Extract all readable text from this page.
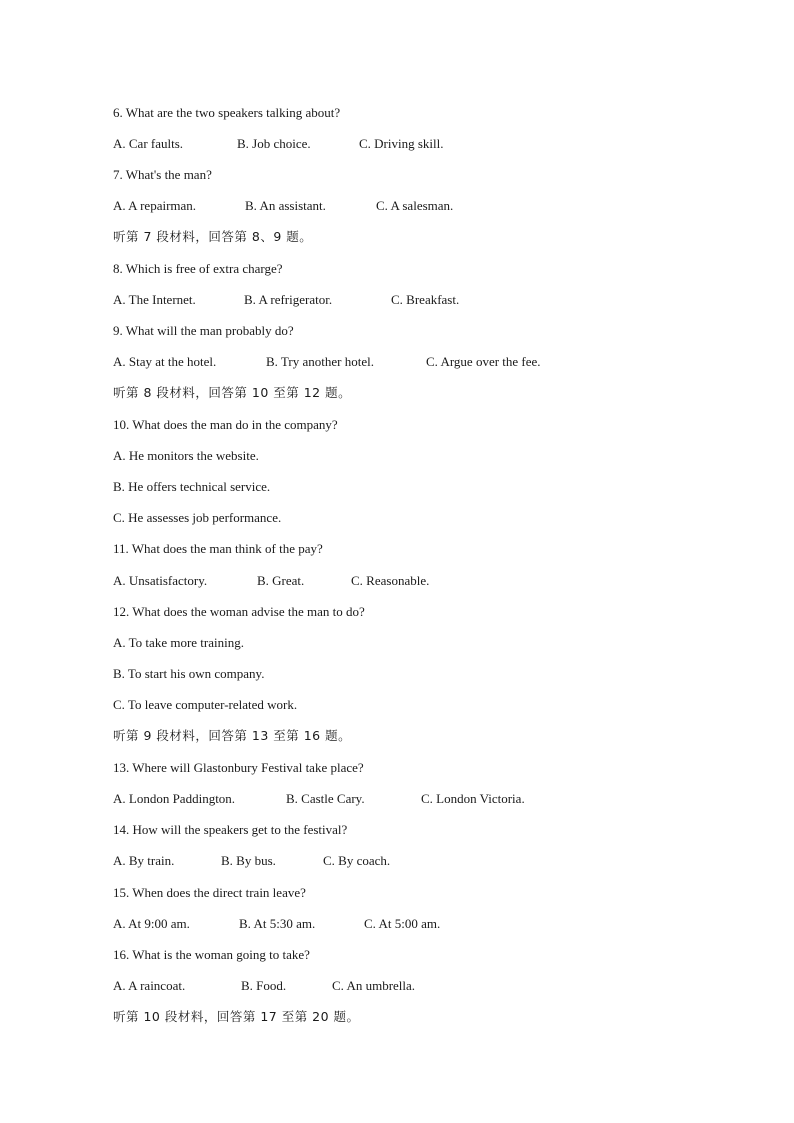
6. What are the two speakers talking about?
A. Car faults.	B. Job choice.	C. Driving skill.
7. What's the man?
A. A repairman.	B. An assistant.	C. A salesman.
听第 7 段材料，回答第 8、9 题。
8. Which is free of extra charge?
A. The Internet.	B. A refrigerator.	C. Breakfast.
9. What will the man probably do?
A. Stay at the hotel.	B. Try another hotel.	C. Argue over the fee.
听第 8 段材料，回答第 10 至第 12 题。
10. What does the man do in the company?
A. He monitors the website.
B. He offers technical service.
C. He assesses job performance.
11. What does the man think of the pay?
A. Unsatisfactory.	B. Great.	C. Reasonable.
12. What does the woman advise the man to do?
A. To take more training.
B. To start his own company.
C. To leave computer-related work.
听第 9 段材料，回答第 13 至第 16 题。
13. Where will Glastonbury Festival take place?
A. London Paddington.	B. Castle Cary.	C. London Victoria.
14. How will the speakers get to the festival?
A. By train.	B. By bus.	C. By coach.
15. When does the direct train leave?
A. At 9:00 am.	B. At 5:30 am.	C. At 5:00 am.
16. What is the woman going to take?
A. A raincoat.	B. Food.	C. An umbrella.
听第 10 段材料，回答第 17 至第 20 题。
